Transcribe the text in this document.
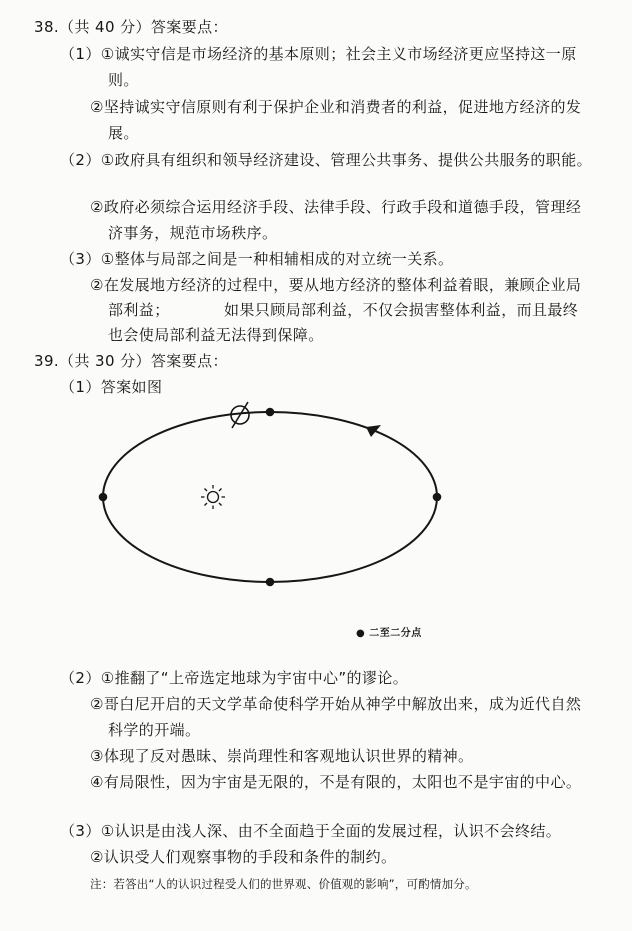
38.（共 40 分）答案要点：
（1）①诚实守信是市场经济的基本原则；社会主义市场经济更应坚持这一原
则。
②坚持诚实守信原则有利于保护企业和消费者的利益，促进地方经济的发
展。
（2）①政府具有组织和领导经济建设、管理公共事务、提供公共服务的职能。
②政府必须综合运用经济手段、法律手段、行政手段和道德手段，管理经
济事务，规范市场秩序。
（3）①整体与局部之间是一种相辅相成的对立统一关系。
②在发展地方经济的过程中，要从地方经济的整体利益着眼，兼顾企业局
部利益；	如果只顾局部利益，不仅会损害整体利益，而且最终
也会使局部利益无法得到保障。
39.（共 30 分）答案要点：
（1）答案如图
● 二至二分点
（2）①推翻了“上帝选定地球为宇宙中心”的谬论。
②哥白尼开启的天文学革命使科学开始从神学中解放出来，成为近代自然
科学的开端。
③体现了反对愚昧、崇尚理性和客观地认识世界的精神。
④有局限性，因为宇宙是无限的，不是有限的，太阳也不是宇宙的中心。
（3）①认识是由浅人深、由不全面趋于全面的发展过程，认识不会终结。
②认识受人们观察事物的手段和条件的制约。
注：若答出“人的认识过程受人们的世界观、价值观的影响”，可酌情加分。
